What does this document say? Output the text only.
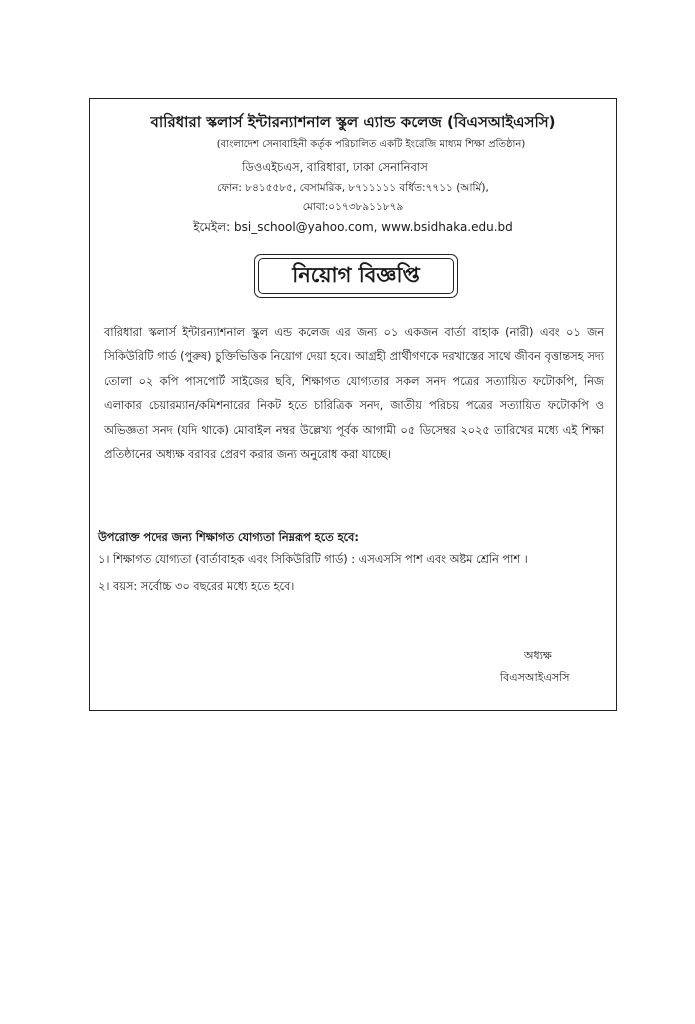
বারিধারা স্কলার্স ইন্টারন্যাশনাল স্কুল এ্যান্ড কলেজ (বিএসআইএসসি)
(বাংলাদেশ সেনাবাহিনী কর্তৃক পরিচালিত একটি ইংরেজি মাধ্যম শিক্ষা প্রতিষ্ঠান)
ডিওএইচএস, বারিধারা, ঢাকা সেনানিবাস
ফোন: ৮৪১৫৫৮৫, বেসামরিক, ৮৭১১১১১ বর্ধিত:৭৭১১ (আর্মি),
মোবা:০১৭৩৮৯১১৮৭৯
ইমেইল: bsi_school@yahoo.com, www.bsidhaka.edu.bd
নিয়োগ বিজ্ঞপ্তি

বারিধারা স্কলার্স ইন্টারন্যাশনাল স্কুল এন্ড কলেজ এর জন্য ০১ একজন বার্তা বাহাক (নারী) এবং ০১ জন সিকিউরিটি গার্ড (পুরুষ) চুক্তিভিত্তিক নিয়োগ দেয়া হবে। আগ্রহী প্রার্থীগণকে দরখাস্তের সাথে জীবন বৃত্তান্তসহ সদ্য তোলা ০২ কপি পাসপোর্ট সাইজের ছবি, শিক্ষাগত যোগ্যতার সকল সনদ পত্রের সত্যায়িত ফটোকপি, নিজ এলাকার চেয়ারম্যান/কমিশনারের নিকট হতে চারিত্রিক সনদ, জাতীয় পরিচয় পত্রের সত্যায়িত ফটোকপি ও অভিজ্ঞতা সনদ (যদি থাকে) মোবাইল নম্বর উল্লেখ্য পূর্বক আগামী ০৫ ডিসেম্বর ২০২৫ তারিখের মধ্যে এই শিক্ষা প্রতিষ্ঠানের অধ্যক্ষ বরাবর প্রেরণ করার জন্য অনুরোধ করা যাচ্ছে।

উপরোক্ত পদের জন্য শিক্ষাগত যোগ্যতা নিম্নরূপ হতে হবে:
১। শিক্ষাগত যোগ্যতা (বার্তাবাহক এবং সিকিউরিটি গার্ড) : এসএসসি পাশ এবং অষ্টম শ্রেনি পাশ ।
২। বয়স: সর্বোচ্চ ৩০ বছরের মধ্যে হতে হবে।
অধ্যক্ষ
বিএসআইএসসি
